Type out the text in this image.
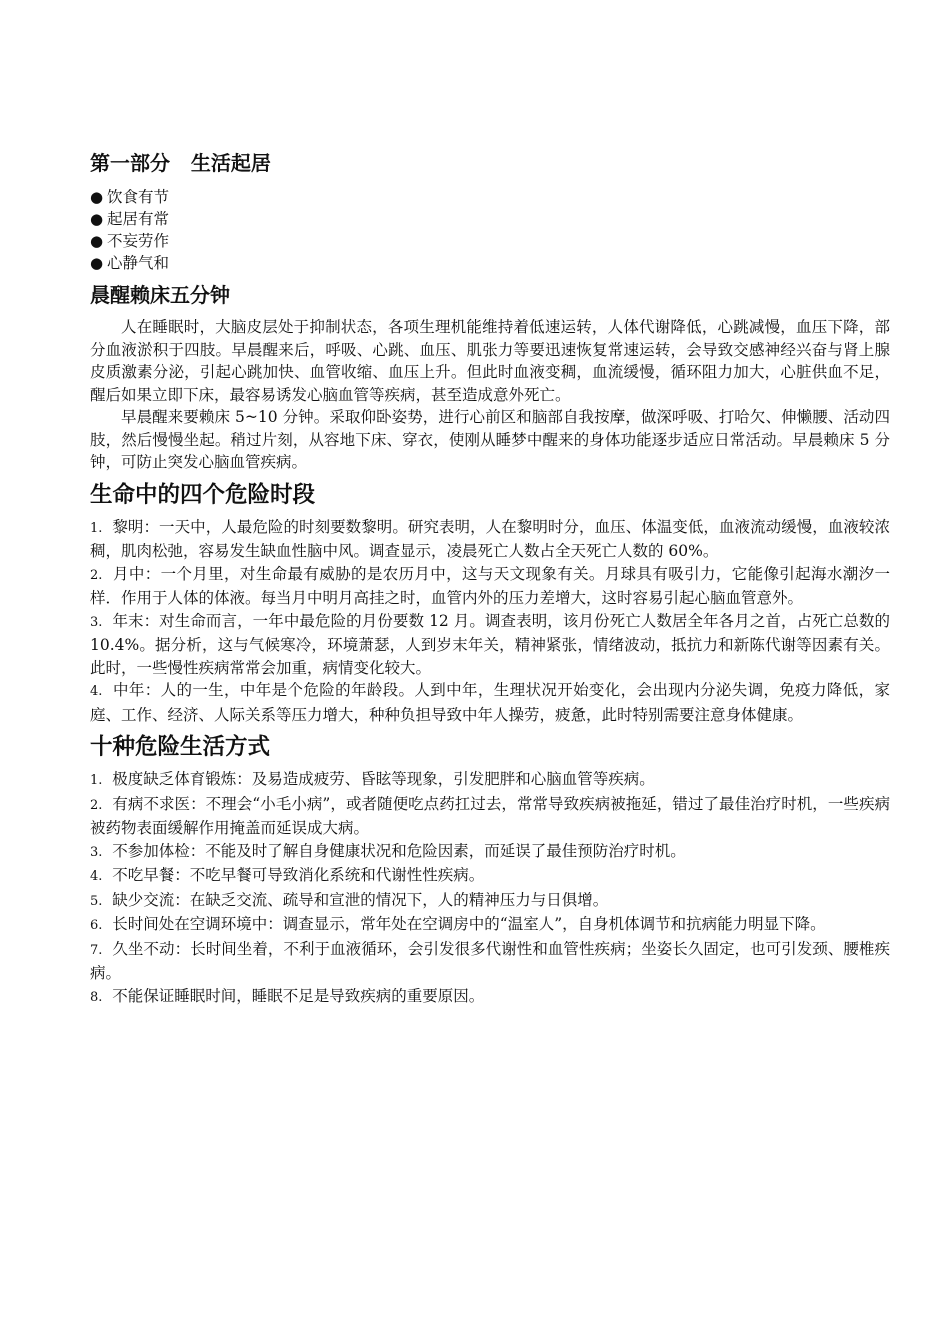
第一部分   生活起居
● 饮食有节
● 起居有常
● 不妄劳作
● 心静气和
晨醒赖床五分钟

人在睡眠时，大脑皮层处于抑制状态，各项生理机能维持着低速运转，人体代谢降低，心跳减慢，血压下降，部分血液淤积于四肢。早晨醒来后，呼吸、心跳、血压、肌张力等要迅速恢复常速运转，会导致交感神经兴奋与肾上腺皮质激素分泌，引起心跳加快、血管收缩、血压上升。但此时血液变稠，血流缓慢，循环阻力加大，心脏供血不足，醒后如果立即下床，最容易诱发心脑血管等疾病，甚至造成意外死亡。

早晨醒来要赖床 5~10 分钟。采取仰卧姿势，进行心前区和脑部自我按摩，做深呼吸、打哈欠、伸懒腰、活动四肢，然后慢慢坐起。稍过片刻，从容地下床、穿衣，使刚从睡梦中醒来的身体功能逐步适应日常活动。早晨赖床 5 分钟，可防止突发心脑血管疾病。

生命中的四个危险时段
1. 黎明：一天中，人最危险的时刻要数黎明。研究表明，人在黎明时分，血压、体温变低，血液流动缓慢，血液较浓稠，肌肉松弛，容易发生缺血性脑中风。调查显示，凌晨死亡人数占全天死亡人数的 60%。
2. 月中：一个月里，对生命最有威胁的是农历月中，这与天文现象有关。月球具有吸引力，它能像引起海水潮汐一样．作用于人体的体液。每当月中明月高挂之时，血管内外的压力差增大，这时容易引起心脑血管意外。
3. 年末：对生命而言，一年中最危险的月份要数 12 月。调查表明，该月份死亡人数居全年各月之首，占死亡总数的 10.4%。据分析，这与气候寒冷，环境萧瑟，人到岁末年关，精神紧张，情绪波动，抵抗力和新陈代谢等因素有关。此时，一些慢性疾病常常会加重，病情变化较大。
4. 中年：人的一生，中年是个危险的年龄段。人到中年，生理状况开始变化，会出现内分泌失调，免疫力降低，家庭、工作、经济、人际关系等压力增大，种种负担导致中年人操劳，疲惫，此时特别需要注意身体健康。
十种危险生活方式
1. 极度缺乏体育锻炼：及易造成疲劳、昏眩等现象，引发肥胖和心脑血管等疾病。
2. 有病不求医：不理会“小毛小病”，或者随便吃点药扛过去，常常导致疾病被拖延，错过了最佳治疗时机，一些疾病被药物表面缓解作用掩盖而延误成大病。
3. 不参加体检：不能及时了解自身健康状况和危险因素，而延误了最佳预防治疗时机。
4. 不吃早餐：不吃早餐可导致消化系统和代谢性性疾病。
5. 缺少交流：在缺乏交流、疏导和宣泄的情况下，人的精神压力与日俱增。
6. 长时间处在空调环境中：调查显示，常年处在空调房中的“温室人”，自身机体调节和抗病能力明显下降。
7. 久坐不动：长时间坐着，不利于血液循环，会引发很多代谢性和血管性疾病；坐姿长久固定，也可引发颈、腰椎疾病。
8. 不能保证睡眠时间，睡眠不足是导致疾病的重要原因。
